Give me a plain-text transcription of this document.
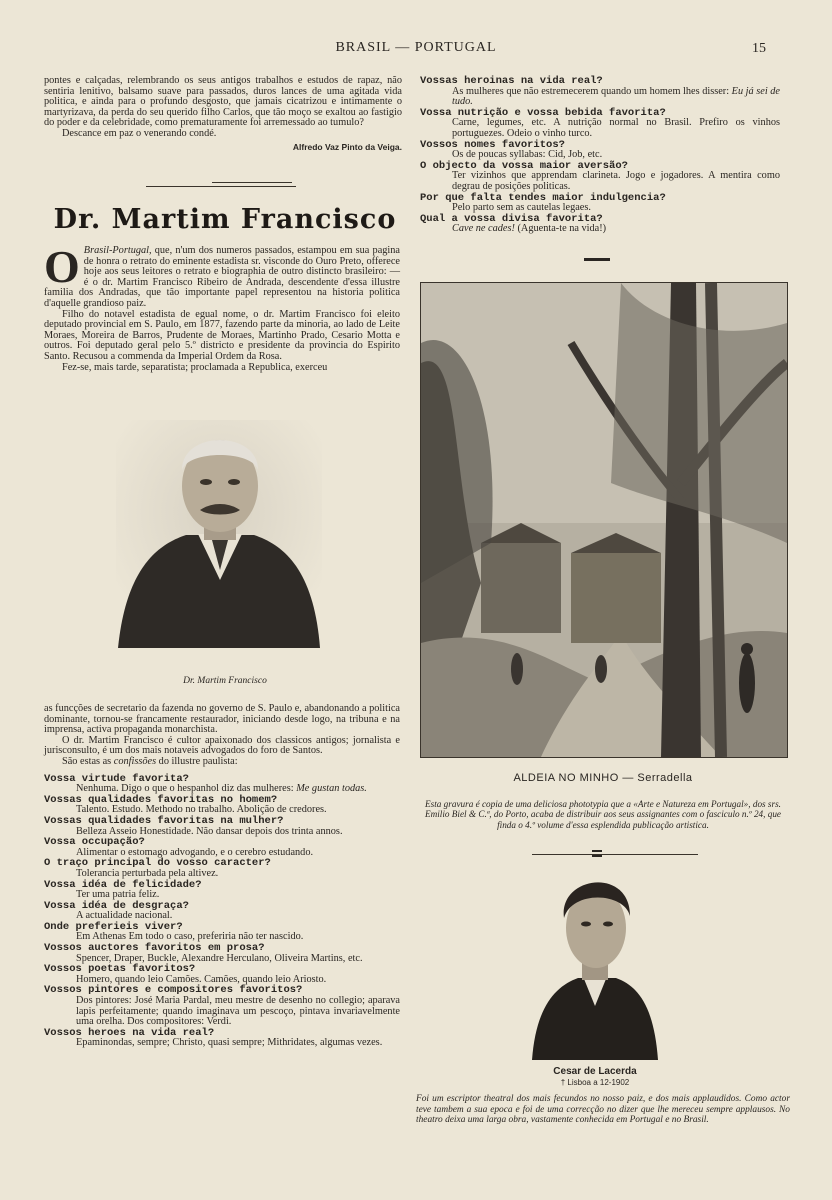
BRASIL — PORTUGAL	15

pontes e calçadas, relembrando os seus antigos trabalhos e estudos de rapaz, não sentiria lenitivo, balsamo suave para passados, duros lances de uma agitada vida politica, e ainda para o profundo desgosto, que jamais cicatrizou e intimamente o martyrizava, da perda do seu querido filho Carlos, que tão moço se exaltou ao fastigio do poder e da celebridade, como prematuramente foi arremessado ao tumulo?

Descance em paz o venerando condé.

Alfredo Vaz Pinto da Veiga.
Dr. Martim Francisco

O Brasil-Portugal, que, n'um dos numeros passados, estampou em sua pagina de honra o retrato do eminente estadista sr. visconde do Ouro Preto, offerece hoje aos seus leitores o retrato e biographia de outro distincto brasileiro: — é o dr. Martim Francisco Ribeiro de Andrada, descendente d'essa illustre familia dos Andradas, que tão importante papel representou na historia politica d'aquelle grandioso paiz.

Filho do notavel estadista de egual nome, o dr. Martim Francisco foi eleito deputado provincial em S. Paulo, em 1877, fazendo parte da minoria, ao lado de Leite Moraes, Moreira de Barros, Prudente de Moraes, Martinho Prado, Cesario Motta e outros. Foi deputado geral pelo 5.º districto e presidente da provincia do Espirito Santo. Recusou a commenda da Imperial Ordem da Rosa.

Fez-se, mais tarde, separatista; proclamada a Republica, exerceu

Dr. Martim Francisco

as funcções de secretario da fazenda no governo de S. Paulo e, abandonando a politica dominante, tornou-se francamente restaurador, iniciando desde logo, na tribuna e na imprensa, activa propaganda monarchista.

O dr. Martim Francisco é cultor apaixonado dos classicos antigos; jornalista e jurisconsulto, é um dos mais notaveis advogados do foro de Santos.

São estas as confissões do illustre paulista:

Vossa virtude favorita?
Nenhuma. Digo o que o hespanhol diz das mulheres: Me gustan todas.
Vossas qualidades favoritas no homem?
Talento. Estudo. Methodo no trabalho. Abolição de credores.
Vossas qualidades favoritas na mulher?
Belleza Asseio Honestidade. Não dansar depois dos trinta annos.
Vossa occupação?
Alimentar o estomago advogando, e o cerebro estudando.
O traço principal do vosso caracter?
Tolerancia perturbada pela altivez.
Vossa idéa de felicidade?
Ter uma patria feliz.
Vossa idéa de desgraça?
A actualidade nacional.
Onde preferieis viver?
Em Athenas Em todo o caso, preferiria não ter nascido.
Vossos auctores favoritos em prosa?
Spencer, Draper, Buckle, Alexandre Herculano, Oliveira Martins, etc.
Vossos poetas favoritos?
Homero, quando leio Camões. Camões, quando leio Ariosto.
Vossos pintores e compositores favoritos?
Dos pintores: José Maria Pardal, meu mestre de desenho no collegio; aparava lapis perfeitamente; quando imaginava um pescoço, pintava invariavelmente uma orelha. Dos compositores: Verdi.
Vossos heroes na vida real?
Epaminondas, sempre; Christo, quasi sempre; Mithridates, algumas vezes.
Vossas heroinas na vida real?
As mulheres que não estremecerem quando um homem lhes disser: Eu já sei de tudo.
Vossa nutrição e vossa bebida favorita?
Carne, legumes, etc. A nutrição normal no Brasil. Prefiro os vinhos portuguezes. Odeio o vinho turco.
Vossos nomes favoritos?
Os de poucas syllabas: Cid, Job, etc.
O objecto da vossa maior aversão?
Ter vizinhos que apprendam clarineta. Jogo e jogadores. A mentira como degrau de posições politicas.
Por que falta tendes maior indulgencia?
Pelo parto sem as cautelas legaes.
Qual a vossa divisa favorita?
Cave ne cades! (Aguenta-te na vida!)
ALDEIA NO MINHO — Serradella
Esta gravura é copia de uma deliciosa phototypia que a «Arte e Natureza em Portugal», dos srs. Emilio Biel & C.ª, do Porto, acaba de distribuir aos seus assignantes com o fasciculo n.º 24, que finda o 4.º volume d'essa esplendida publicação artistica.
Cesar de Lacerda
† Lisboa a 12-1902
Foi um escriptor theatral dos mais fecundos no nosso paiz, e dos mais applaudidos. Como actor teve tambem a sua epoca e foi de uma correcção no dizer que lhe mereceu sempre applausos. No theatro deixa uma larga obra, vastamente conhecida em Portugal e no Brasil.
